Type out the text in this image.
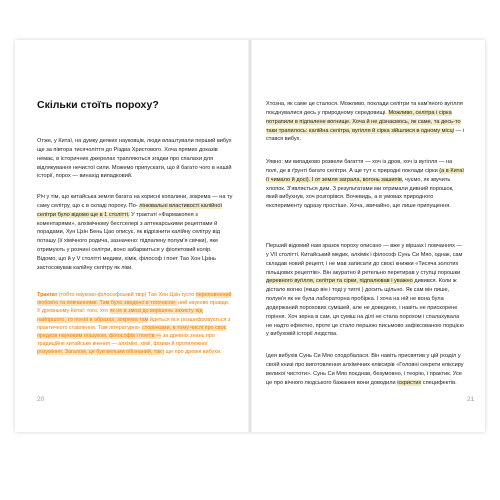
Скільки стоїть пороху?

Отже, у Китаї, на думку деяких науковців, люди влаштували перший вибух ще за півтора тисячоліття до Різдва Христового. Хоча прямих доказів немає, в історичних джерелах трапляються згадки про спалахи для відлякування нечистої сили. Можемо припускати, що й багато чого в нашій історії, порох — винахід випадковий.

Річ у тім, що китайська земля багата на корисні копалини, зокрема — на ту саму селітру, що є в складі пороху. По- лінювальні властивості калійної селітри було відомо ще в 1 столітті. У трактаті «Фармакопея з коментарями», алхімічному бестселері з аптекарськими рецептами й порадами, Хун Цзін Бень Цао описує, як відрізнити калійну селітру від поташу (її хімічного родича, зазначено: підпалену полум'я свічки), яке отримують у розчині селітри, воно забарвиться у фіолетовий колір. Відомо, що й у V столітті медики, хімік, філософ і поет Тао Хон Цзінь застосовував калійну селітру як ліки.

Трактат (тобто науково-філософський твір) Тао Хон Цзін густо переповнений любов'ю та повчаннями. Там було зведено в тогочасне- ний науково правди. У древньому Китаї: того, хто як не в змозі до вирішень захисту від найгіршого, то поезії в образах, зокрема там йдеться все розшифровується з практичного ставлення. Там літературно- сторінками, в тому числі про своє предков науковим пошуком, філософів і поетів — за древніх знань про традиційне китайське вчення — алхімію, хімії, фізики й протилежної розуміння. Загалом, це був вельми обізнаний, так і ще про древні вибухи.

20

Хтозна, як саме це сталося. Можливо, поклади селітри та кам'яного вугілля поєднувалися десь у природному середовищі. Можливо, селітра і сірка потрапили в підпалене вогнище. Хоча й не дізнаємось, як саме, та десь-то таки трапилось: калійна селітра, вугілля й сірка зійшлися в одному місці — і стався вибух.

Уявно: ми випадково розвели багаття — хоч із дров, хоч із вугілля — на полі, де в ґрунті багато селітри. А ще тут є природні поклади сірки (а в Китаї її чимало й досі). І от земля заграла, вогонь зашипів, чуємо, як звучить хлопок. З'являється дим. З результатами ми отримали дивний порошок, який вибухнув, хоч розгорівся. Вочевидь, а в умовах природного експерименту одразу простіше. Хоча, звичайно, ще лише припущення.

Перший відомий нам зразок пороху описано — вже у віршах і повчаннях — у VII столітті. Китайський медик, алхімік і філософ Сунь Си Мяо, однак, сам складав новий рецепт, і не мав записати до своєї книжки «Тисяча золотих пільщових рецептів». Він акуратно й ретельно перетирав у ступці порошки деревного вугілля, селітри та сірки, підпалював і уважно дивився. Коли ж дістало вогню (якщо він і тоді у тиглі ) досить щільно. Як сам він пише, полум'я як не була лабораторна пробірка. І хоча на ній не вона була додержаний порохових сумішей, але не доведено, і навіть не прискорене горіння. Хоч зерна в сам, ця суміш на ділі не стала порохом і спалахувала не надто ефектно, проте це стало першою письмово зафіксованою порцією у вибуховій історії людства.

Ідея вибухів Сунь Си Мяо сподобалася. Він навіть присвятив у цій розділ у своїй книзі про виготовлення алхімічних еліксирів «Головні секрети еліксиру великої чистоти». Сунь Си Мяо поєднав, безумовно, і теорію, і практик. Усе це про вічного людського бажання вони доводили іскристих специфектів.

21
